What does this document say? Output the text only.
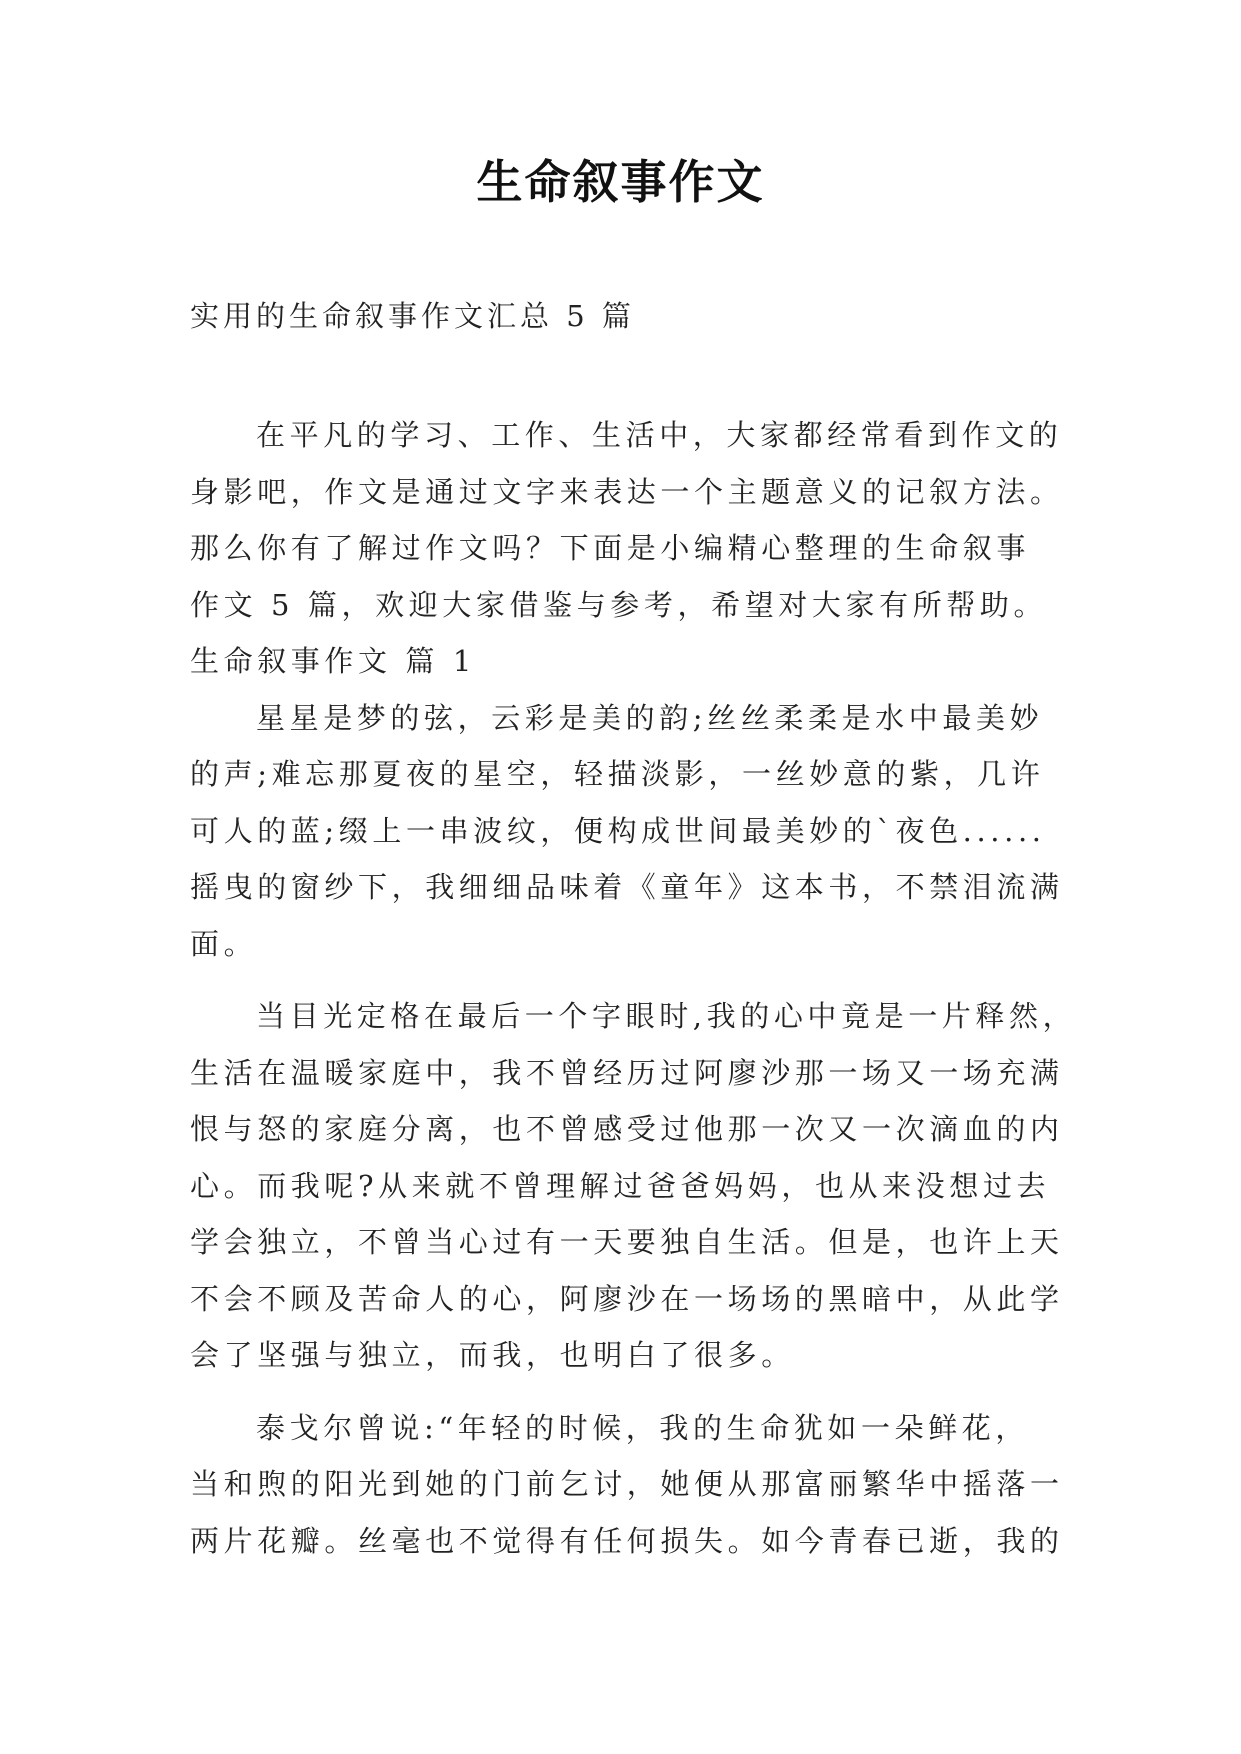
生命叙事作文
实用的生命叙事作文汇总 5 篇
在平凡的学习、工作、生活中，大家都经常看到作文的
身影吧，作文是通过文字来表达一个主题意义的记叙方法。
那么你有了解过作文吗？下面是小编精心整理的生命叙事
作文 5 篇，欢迎大家借鉴与参考，希望对大家有所帮助。
生命叙事作文 篇 1
星星是梦的弦，云彩是美的韵;丝丝柔柔是水中最美妙
的声;难忘那夏夜的星空，轻描淡影，一丝妙意的紫，几许
可人的蓝;缀上一串波纹，便构成世间最美妙的`夜色......
摇曳的窗纱下，我细细品味着《童年》这本书，不禁泪流满
面。
当目光定格在最后一个字眼时,我的心中竟是一片释然，
生活在温暖家庭中，我不曾经历过阿廖沙那一场又一场充满
恨与怒的家庭分离，也不曾感受过他那一次又一次滴血的内
心。而我呢?从来就不曾理解过爸爸妈妈，也从来没想过去
学会独立，不曾当心过有一天要独自生活。但是，也许上天
不会不顾及苦命人的心，阿廖沙在一场场的黑暗中，从此学
会了坚强与独立，而我，也明白了很多。
泰戈尔曾说:“年轻的时候，我的生命犹如一朵鲜花，
当和煦的阳光到她的门前乞讨，她便从那富丽繁华中摇落一
两片花瓣。丝毫也不觉得有任何损失。如今青春已逝，我的
